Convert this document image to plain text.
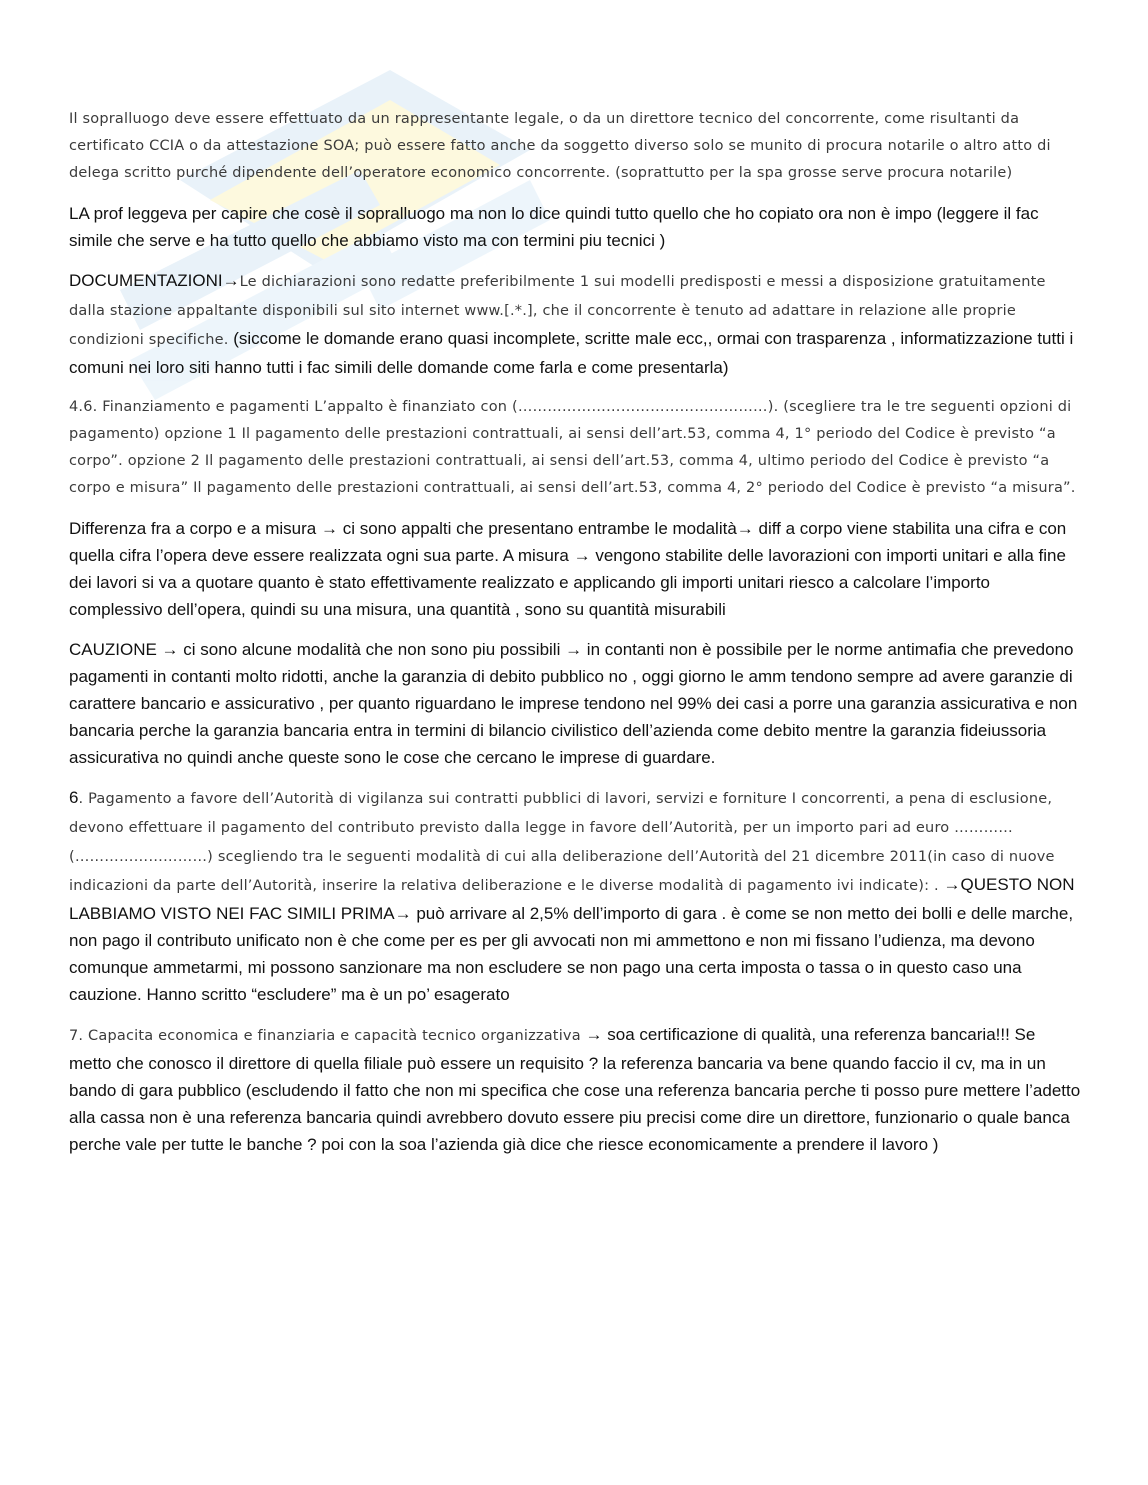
Il sopralluogo deve essere effettuato da un rappresentante legale, o da un direttore tecnico del concorrente, come risultanti da certificato CCIA o da attestazione SOA; può essere fatto anche da soggetto diverso solo se munito di procura notarile o altro atto di delega scritto purché dipendente dell’operatore economico concorrente. (soprattutto per la spa grosse serve procura notarile)

LA prof leggeva per capire che cosè il sopralluogo ma non lo dice quindi tutto quello che ho copiato ora non è impo (leggere il fac simile che serve e ha tutto quello che abbiamo visto ma con termini piu tecnici )

DOCUMENTAZIONI→Le dichiarazioni sono redatte preferibilmente 1 sui modelli predisposti e messi a disposizione gratuitamente dalla stazione appaltante disponibili sul sito internet www.[.*.], che il concorrente è tenuto ad adattare in relazione alle proprie condizioni specifiche. (siccome le domande erano quasi incomplete, scritte male ecc,, ormai con trasparenza , informatizzazione tutti i comuni nei loro siti hanno tutti i fac simili delle domande come farla e come presentarla)

4.6. Finanziamento e pagamenti L’appalto è finanziato con (……………………………………………). (scegliere tra le tre seguenti opzioni di pagamento) opzione 1 Il pagamento delle prestazioni contrattuali, ai sensi dell’art.53, comma 4, 1° periodo del Codice è previsto “a corpo”. opzione 2 Il pagamento delle prestazioni contrattuali, ai sensi dell’art.53, comma 4, ultimo periodo del Codice è previsto “a corpo e misura” Il pagamento delle prestazioni contrattuali, ai sensi dell’art.53, comma 4, 2° periodo del Codice è previsto “a misura”.

Differenza fra a corpo e a misura → ci sono appalti che presentano entrambe le modalità→ diff a corpo viene stabilita una cifra e con quella cifra l’opera deve essere realizzata ogni sua parte. A misura → vengono stabilite delle lavorazioni con importi unitari e alla fine dei lavori si va a quotare quanto è stato effettivamente realizzato e applicando gli importi unitari riesco a calcolare l’importo complessivo dell’opera, quindi su una misura, una quantità , sono su quantità misurabili

CAUZIONE → ci sono alcune modalità che non sono piu possibili → in contanti non è possibile per le norme antimafia che prevedono pagamenti in contanti molto ridotti, anche la garanzia di debito pubblico no , oggi giorno le amm tendono sempre ad avere garanzie di carattere bancario e assicurativo , per quanto riguardano le imprese tendono nel 99% dei casi a porre una garanzia assicurativa e non bancaria perche la garanzia bancaria entra in termini di bilancio civilistico dell’azienda come debito mentre la garanzia fideiussoria assicurativa no quindi anche queste sono le cose che cercano le imprese di guardare.

6. Pagamento a favore dell’Autorità di vigilanza sui contratti pubblici di lavori, servizi e forniture I concorrenti, a pena di esclusione, devono effettuare il pagamento del contributo previsto dalla legge in favore dell’Autorità, per un importo pari ad euro ………… (………………………) scegliendo tra le seguenti modalità di cui alla deliberazione dell’Autorità del 21 dicembre 2011(in caso di nuove indicazioni da parte dell’Autorità, inserire la relativa deliberazione e le diverse modalità di pagamento ivi indicate): . →QUESTO NON LABBIAMO VISTO NEI FAC SIMILI PRIMA→ può arrivare al 2,5% dell’importo di gara . è come se non metto dei bolli e delle marche, non pago il contributo unificato non è che come per es per gli avvocati non mi ammettono e non mi fissano l’udienza, ma devono comunque ammetarmi, mi possono sanzionare ma non escludere se non pago una certa imposta o tassa o in questo caso una cauzione. Hanno scritto “escludere” ma è un po’ esagerato

7. Capacita economica e finanziaria e capacità tecnico organizzativa → soa certificazione di qualità, una referenza bancaria!!! Se metto che conosco il direttore di quella filiale può essere un requisito ? la referenza bancaria va bene quando faccio il cv, ma in un bando di gara pubblico (escludendo il fatto che non mi specifica che cose una referenza bancaria perche ti posso pure mettere l’adetto alla cassa non è una referenza bancaria quindi avrebbero dovuto essere piu precisi come dire un direttore, funzionario o quale banca perche vale per tutte le banche ? poi con la soa l’azienda già dice che riesce economicamente a prendere il lavoro )
